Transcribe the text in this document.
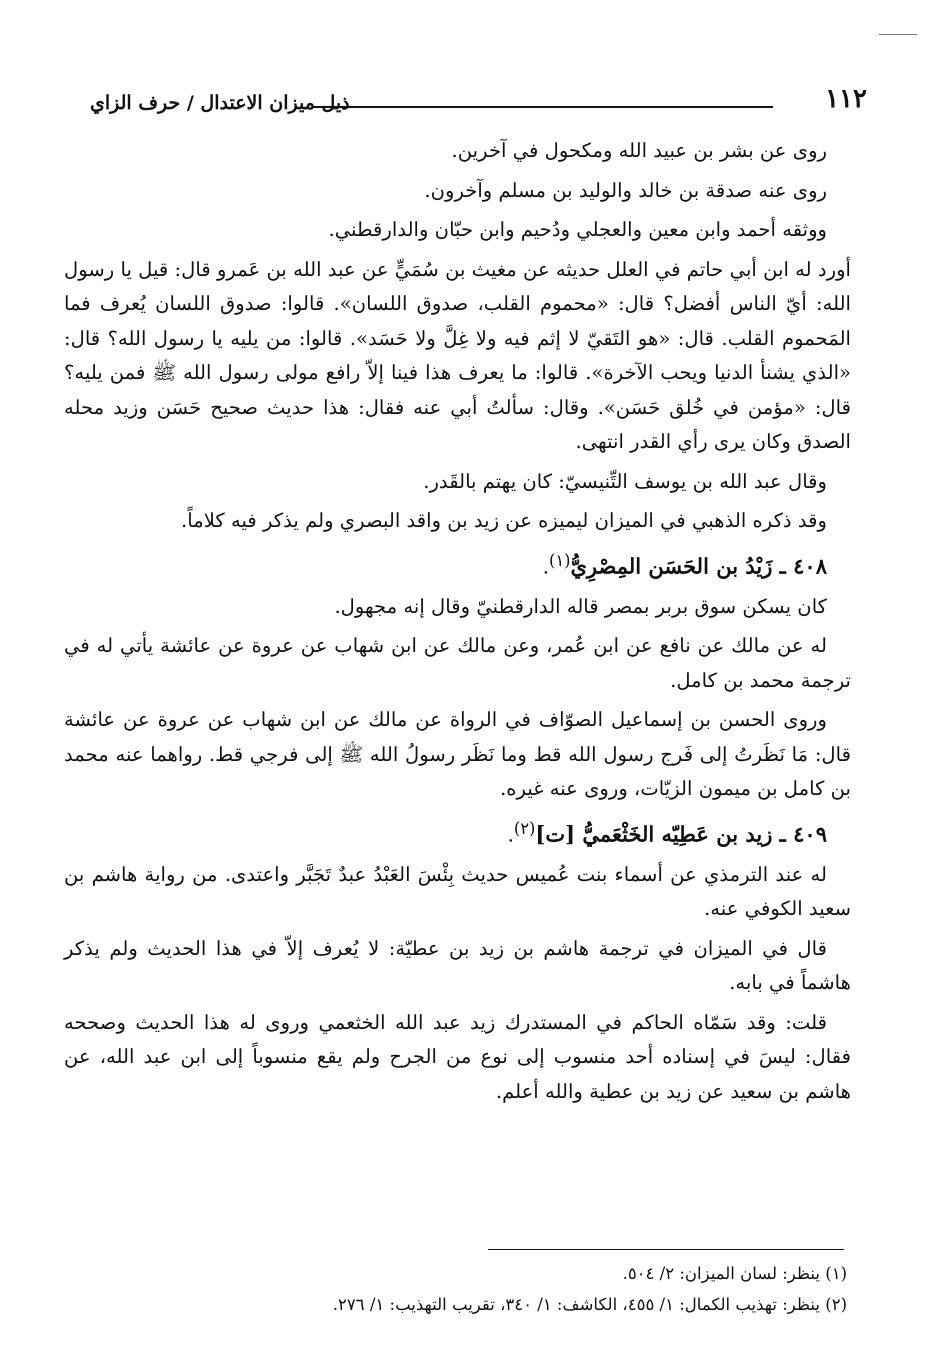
١١٢
ذيل ميزان الاعتدال / حرف الزاي

روى عن بشر بن عبيد الله ومكحول في آخرين.

روى عنه صدقة بن خالد والوليد بن مسلم وآخرون.

ووثقه أحمد وابن معين والعجلي ودُحيم وابن حبّان والدارقطني.

أورد له ابن أبي حاتم في العلل حديثه عن مغيث بن سُمَيٍّ عن عبد الله بن عَمرو قال: قيل يا رسول الله: أيّ الناس أفضل؟ قال: «محموم القلب، صدوق اللسان». قالوا: صدوق اللسان يُعرف فما المَحموم القلب. قال: «هو التَقيّ لا إثم فيه ولا غِلَّ ولا حَسَد». قالوا: من يليه يا رسول الله؟ قال: «الذي يشنأ الدنيا ويحب الآخرة». قالوا: ما يعرف هذا فينا إلاّ رافع مولى رسول الله ﷺ فمن يليه؟ قال: «مؤمن في خُلق حَسَن». وقال: سألتُ أبي عنه فقال: هذا حديث صحيح حَسَن وزيد محله الصدق وكان يرى رأي القدر انتهى.

وقال عبد الله بن يوسف التِّنيسيّ: كان يهتم بالقَدر.

وقد ذكره الذهبي في الميزان ليميزه عن زيد بن واقد البصري ولم يذكر فيه كلاماً.

٤٠٨ ـ زَيْدُ بن الحَسَن المِصْرِيُّ$^{(١)}$.

كان يسكن سوق بربر بمصر قاله الدارقطنيّ وقال إنه مجهول.

له عن مالك عن نافع عن ابن عُمر، وعن مالك عن ابن شهاب عن عروة عن عائشة يأتي له في ترجمة محمد بن كامل.

وروى الحسن بن إسماعيل الصوّاف في الرواة عن مالك عن ابن شهاب عن عروة عن عائشة قال: مَا نَظَرتُ إلى فَرج رسول الله قط وما نَظَر رسولُ الله ﷺ إلى فرجي قط. رواهما عنه محمد بن كامل بن ميمون الزيّات، وروى عنه غيره.

٤٠٩ ـ زيد بن عَطِيّه الخَثْعَميُّ [ت]$^{(٢)}$.

له عند الترمذي عن أسماء بنت عُميس حديث بِئْسَ العَبْدُ عبدٌ تَجَبَّر واعتدى. من رواية هاشم بن سعيد الكوفي عنه.

قال في الميزان في ترجمة هاشم بن زيد بن عطيّة: لا يُعرف إلاّ في هذا الحديث ولم يذكر هاشماً في بابه.

قلت: وقد سَمّاه الحاكم في المستدرك زيد عبد الله الخثعمي وروى له هذا الحديث وصححه فقال: ليسَ في إسناده أحد منسوب إلى نوع من الجرح ولم يقع منسوباً إلى ابن عبد الله، عن هاشم بن سعيد عن زيد بن عطية والله أعلم.

(١) ينظر: لسان الميزان: ٢/ ٥٠٤.

(٢) ينظر: تهذيب الكمال: ١/ ٤٥٥، الكاشف: ١/ ٣٤٠، تقريب التهذيب: ١/ ٢٧٦.
